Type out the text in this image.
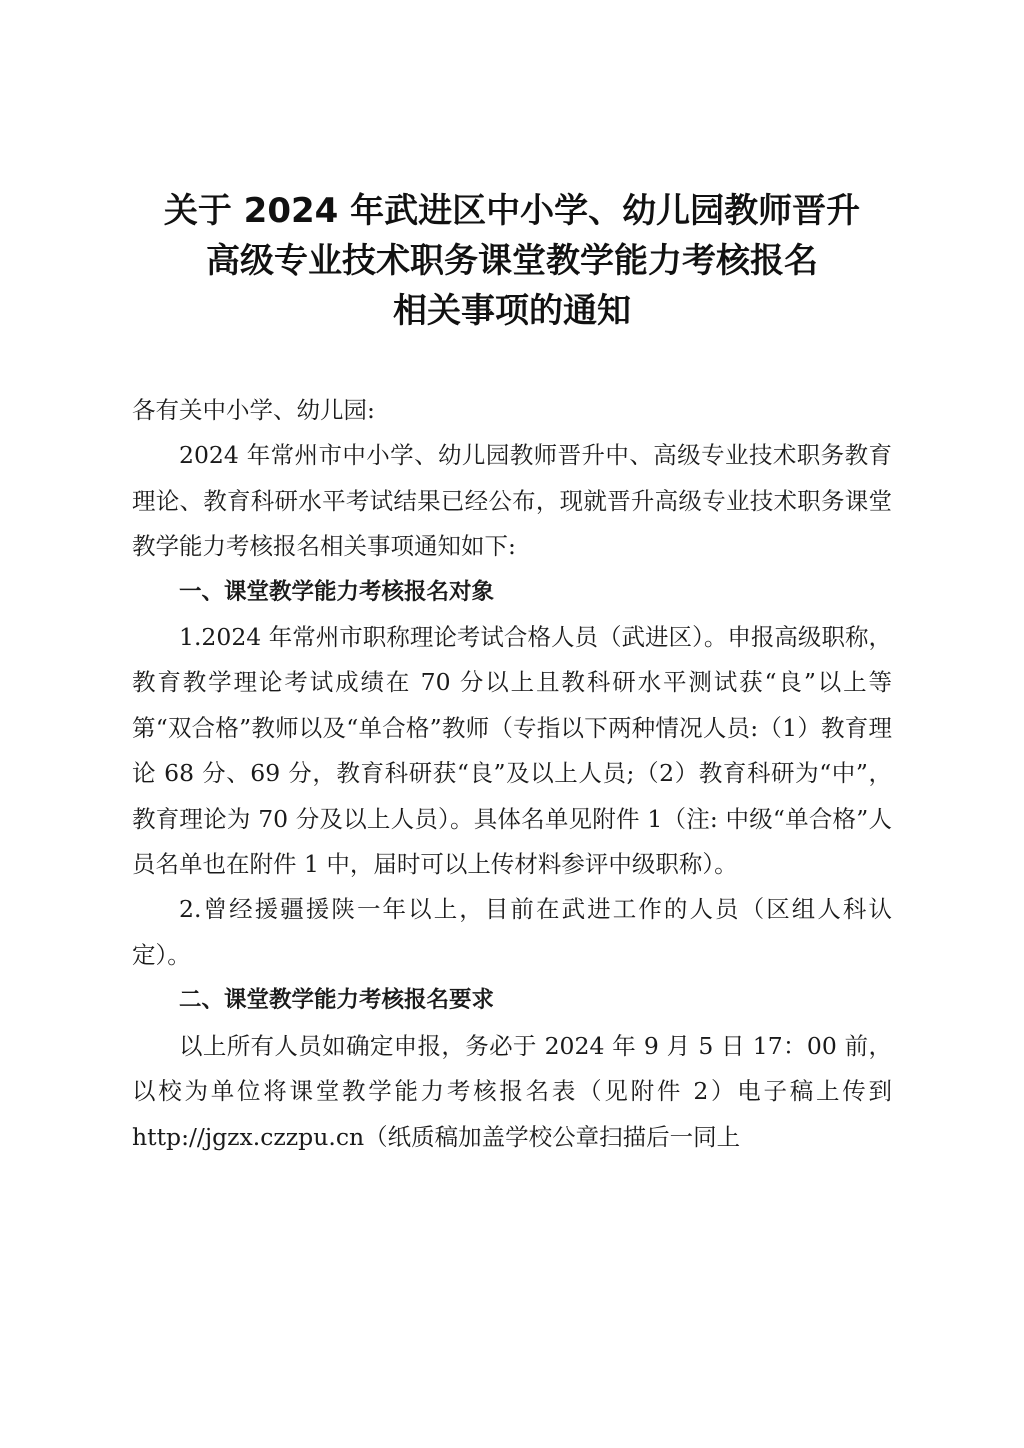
关于 2024 年武进区中小学、幼儿园教师晋升
高级专业技术职务课堂教学能力考核报名
相关事项的通知

各有关中小学、幼儿园:

2024 年常州市中小学、幼儿园教师晋升中、高级专业技术职务教育理论、教育科研水平考试结果已经公布，现就晋升高级专业技术职务课堂教学能力考核报名相关事项通知如下:

一、课堂教学能力考核报名对象

1.2024 年常州市职称理论考试合格人员（武进区）。申报高级职称，教育教学理论考试成绩在 70 分以上且教科研水平测试获“良”以上等第“双合格”教师以及“单合格”教师（专指以下两种情况人员:（1）教育理论 68 分、69 分，教育科研获“良”及以上人员;（2）教育科研为“中”，教育理论为 70 分及以上人员）。具体名单见附件 1（注: 中级“单合格”人员名单也在附件 1 中，届时可以上传材料参评中级职称）。

2.曾经援疆援陕一年以上，目前在武进工作的人员（区组人科认定）。

二、课堂教学能力考核报名要求

以上所有人员如确定申报，务必于 2024 年 9 月 5 日 17：00 前，以校为单位将课堂教学能力考核报名表（见附件 2）电子稿上传到 http://jgzx.czzpu.cn（纸质稿加盖学校公章扫描后一同上
